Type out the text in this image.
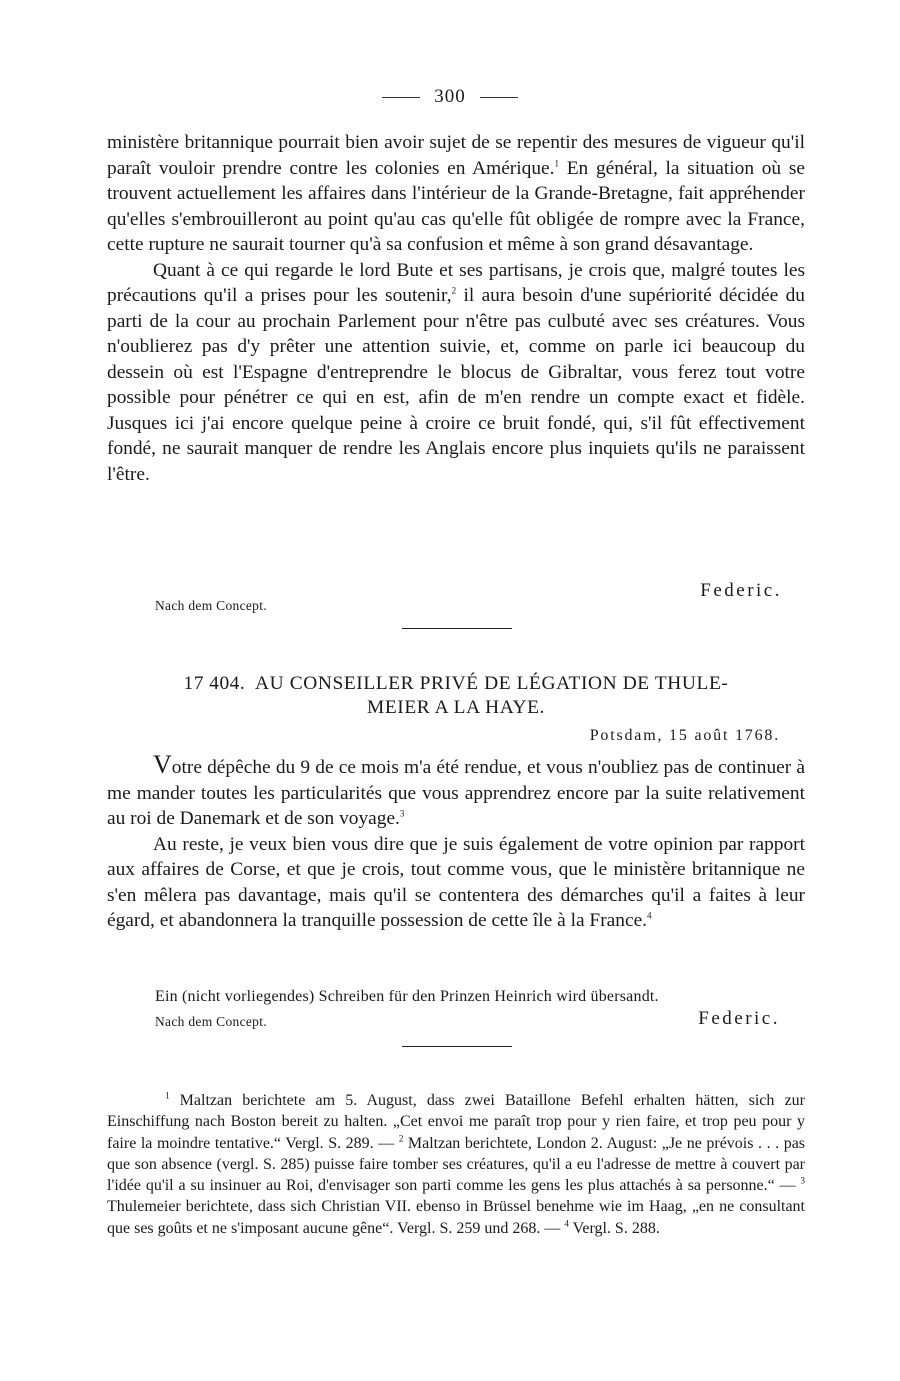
300

ministère britannique pourrait bien avoir sujet de se repentir des mesures de vigueur qu'il paraît vouloir prendre contre les colonies en Amérique.$^1$ En général, la situation où se trouvent actuellement les affaires dans l'intérieur de la Grande-Bretagne, fait appréhender qu'elles s'embrouilleront au point qu'au cas qu'elle fût obligée de rompre avec la France, cette rupture ne saurait tourner qu'à sa confusion et même à son grand désavantage.

Quant à ce qui regarde le lord Bute et ses partisans, je crois que, malgré toutes les précautions qu'il a prises pour les soutenir,$^2$ il aura besoin d'une supériorité décidée du parti de la cour au prochain Parlement pour n'être pas culbuté avec ses créatures. Vous n'oublierez pas d'y prêter une attention suivie, et, comme on parle ici beaucoup du dessein où est l'Espagne d'entreprendre le blocus de Gibraltar, vous ferez tout votre possible pour pénétrer ce qui en est, afin de m'en rendre un compte exact et fidèle. Jusques ici j'ai encore quelque peine à croire ce bruit fondé, qui, s'il fût effectivement fondé, ne saurait manquer de rendre les Anglais encore plus inquiets qu'ils ne paraissent l'être.

Federic.
Nach dem Concept.
17 404. AU CONSEILLER PRIVÉ DE LÉGATION DE THULE-
MEIER A LA HAYE.
Potsdam, 15 août 1768.

Votre dépêche du 9 de ce mois m'a été rendue, et vous n'oubliez pas de continuer à me mander toutes les particularités que vous apprendrez encore par la suite relativement au roi de Danemark et de son voyage.$^3$

Au reste, je veux bien vous dire que je suis également de votre opinion par rapport aux affaires de Corse, et que je crois, tout comme vous, que le ministère britannique ne s'en mêlera pas davantage, mais qu'il se contentera des démarches qu'il a faites à leur égard, et abandonnera la tranquille possession de cette île à la France.$^4$

Ein (nicht vorliegendes) Schreiben für den Prinzen Heinrich wird übersandt.
Nach dem Concept.	Federic.

$^1$ Maltzan berichtete am 5. August, dass zwei Bataillone Befehl erhalten hätten, sich zur Einschiffung nach Boston bereit zu halten. „Cet envoi me paraît trop pour y rien faire, et trop peu pour y faire la moindre tentative.“ Vergl. S. 289. — $^2$ Maltzan berichtete, London 2. August: „Je ne prévois . . . pas que son absence (vergl. S. 285) puisse faire tomber ses créatures, qu'il a eu l'adresse de mettre à couvert par l'idée qu'il a su insinuer au Roi, d'envisager son parti comme les gens les plus attachés à sa personne.“ — $^3$ Thulemeier berichtete, dass sich Christian VII. ebenso in Brüssel benehme wie im Haag, „en ne consultant que ses goûts et ne s'imposant aucune gêne“. Vergl. S. 259 und 268. — $^4$ Vergl. S. 288.
